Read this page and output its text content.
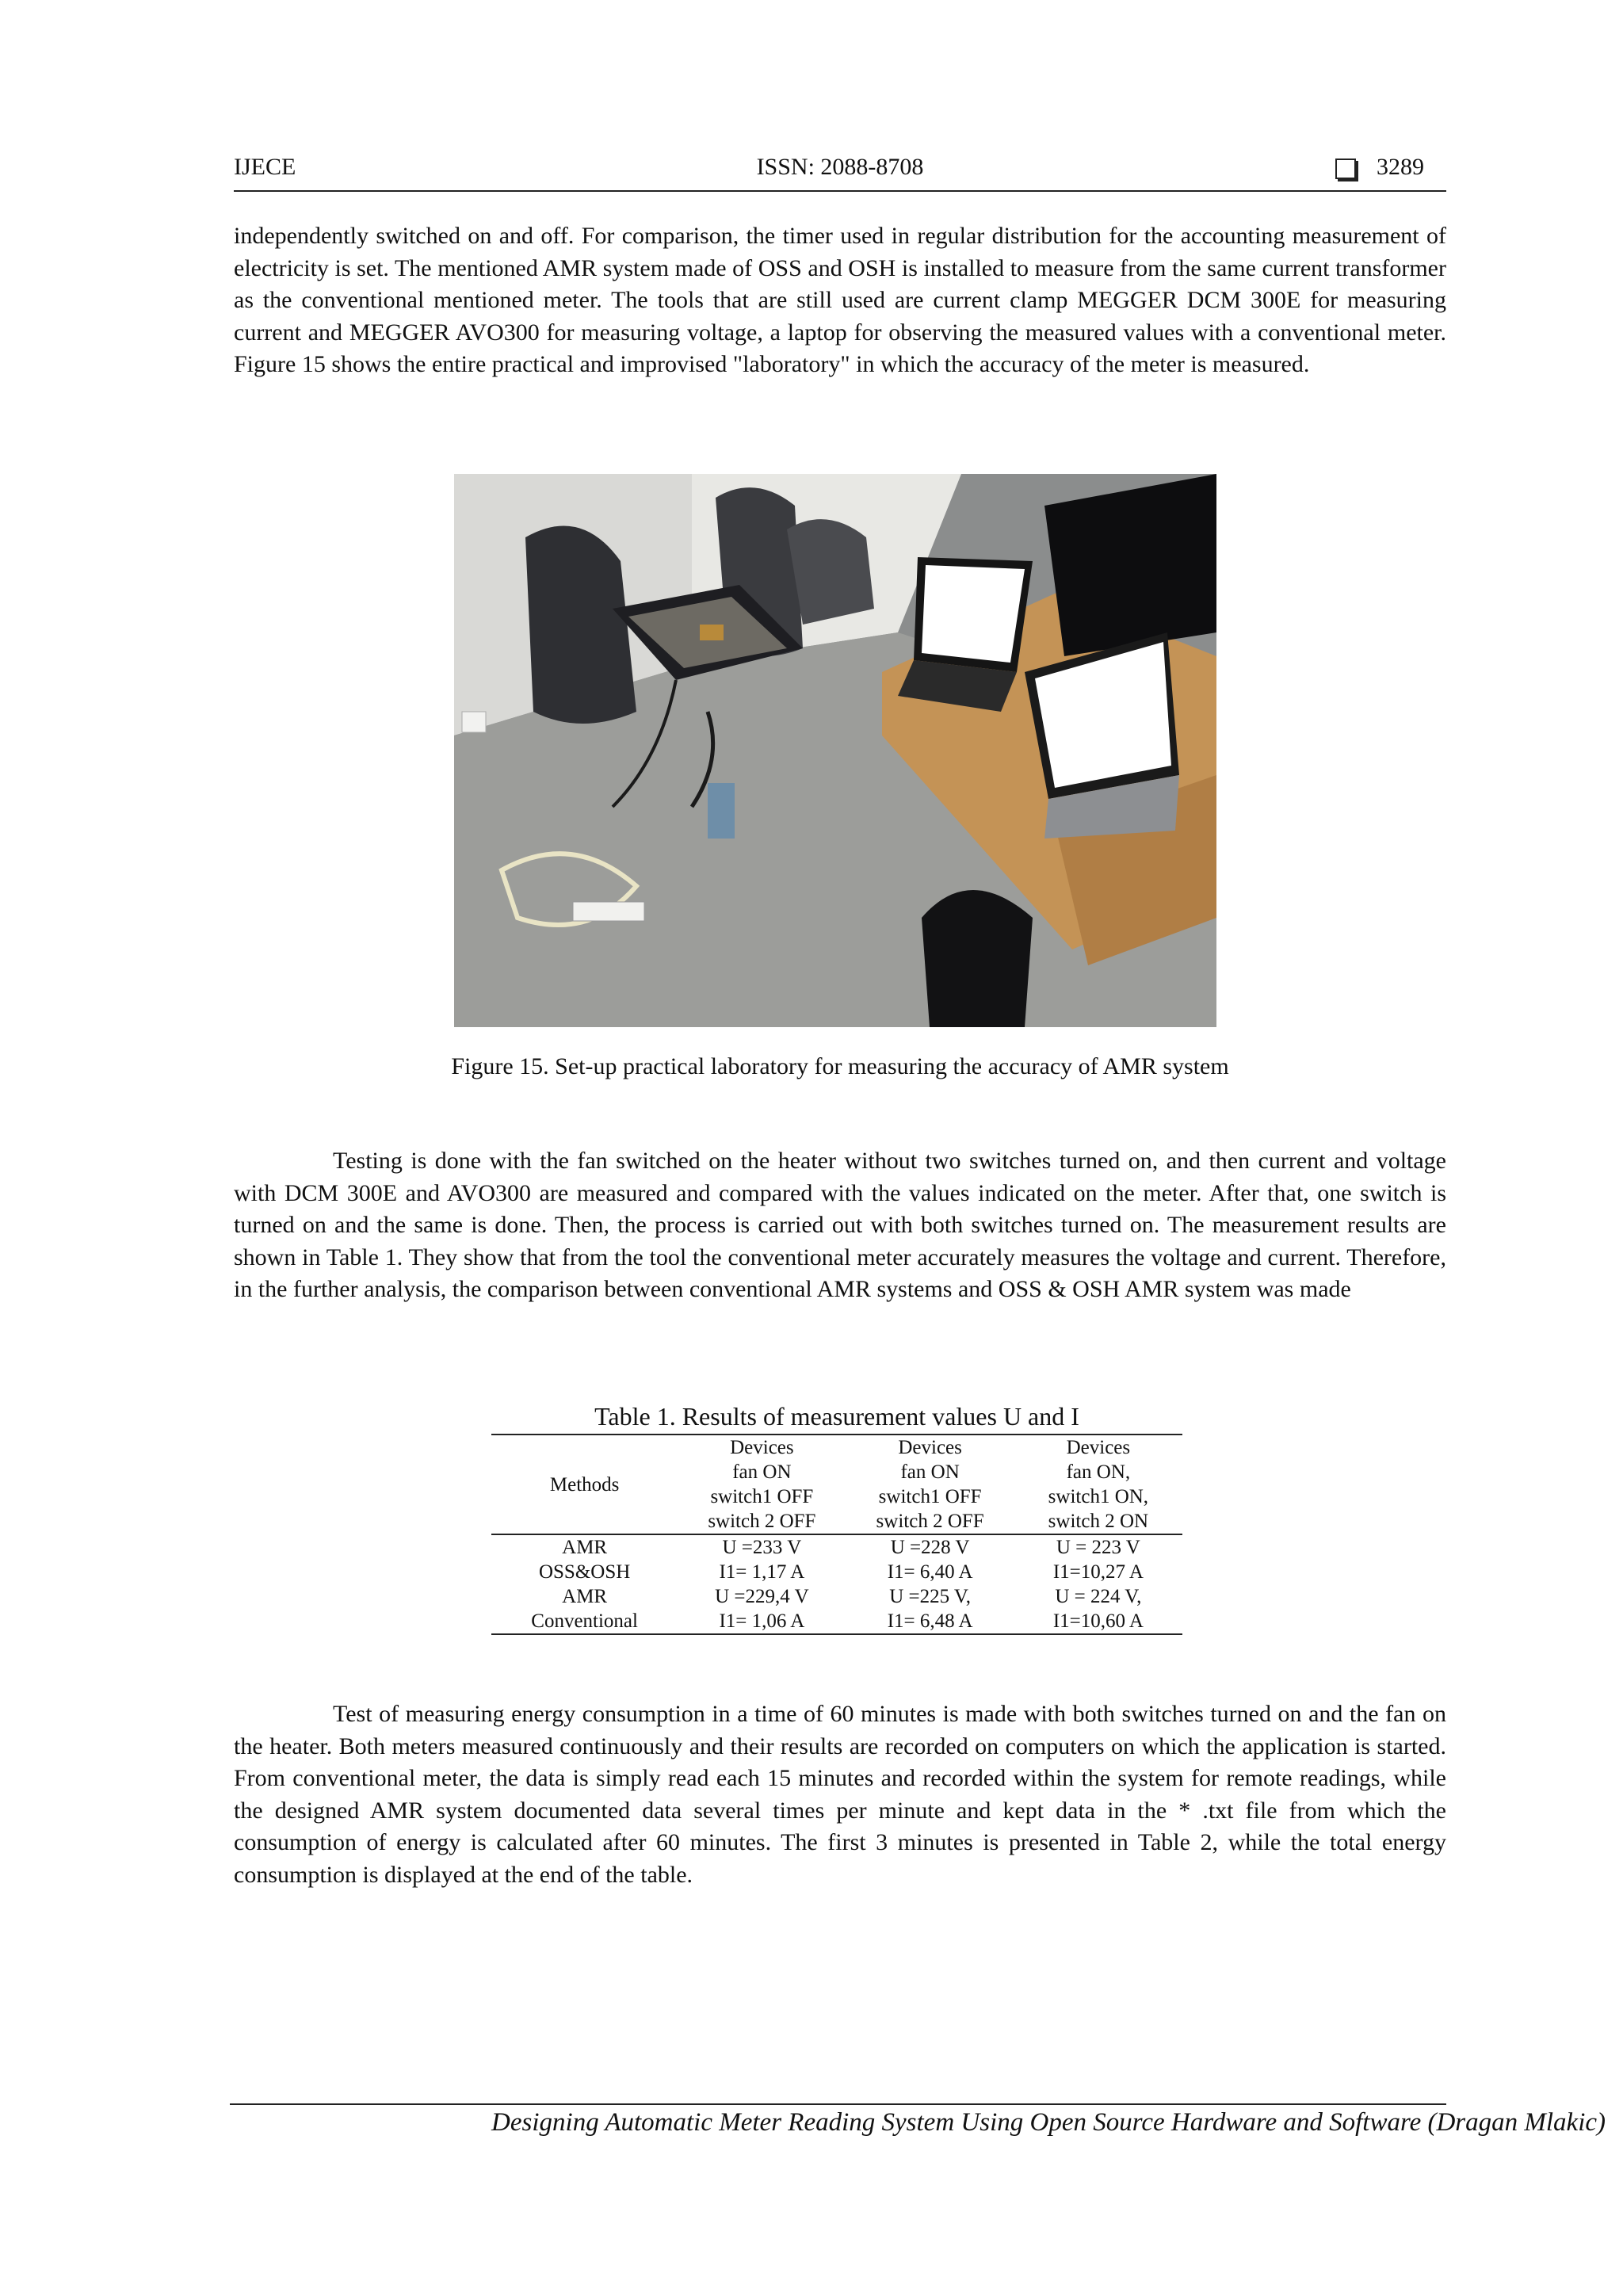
IJECE	ISSN: 2088-8708	3289

independently switched on and off. For comparison, the timer used in regular distribution for the accounting measurement of electricity is set. The mentioned AMR system made of OSS and OSH is installed to measure from the same current transformer as the conventional mentioned meter. The tools that are still used are current clamp MEGGER DCM 300E for measuring current and MEGGER AVO300 for measuring voltage, a laptop for observing the measured values with a conventional meter. Figure 15 shows the entire practical and improvised "laboratory" in which the accuracy of the meter is measured.

Figure 15. Set-up practical laboratory for measuring the accuracy of AMR system

Testing is done with the fan switched on the heater without two switches turned on, and then current and voltage with DCM 300E and AVO300 are measured and compared with the values indicated on the meter. After that, one switch is turned on and the same is done. Then, the process is carried out with both switches turned on. The measurement results are shown in Table 1. They show that from the tool the conventional meter accurately measures the voltage and current. Therefore, in the further analysis, the comparison between conventional AMR systems and OSS & OSH AMR system was made

Table 1. Results of measurement values U and I
Methods	Devices	Devices	Devices
	fan ON	fan ON	fan ON,
	switch1 OFF	switch1 OFF	switch1 ON,
	switch 2 OFF	switch 2 OFF	switch 2 ON
AMR	U =233 V	U =228 V	U = 223 V
OSS&OSH	I1= 1,17 A	I1= 6,40 A	I1=10,27 A
AMR	U =229,4 V	U =225 V,	U = 224 V,
Conventional	I1= 1,06 A	I1= 6,48 A	I1=10,60 A

Test of measuring energy consumption in a time of 60 minutes is made with both switches turned on and the fan on the heater. Both meters measured continuously and their results are recorded on computers on which the application is started. From conventional meter, the data is simply read each 15 minutes and recorded within the system for remote readings, while the designed AMR system documented data several times per minute and kept data in the * .txt file from which the consumption of energy is calculated after 60 minutes. The first 3 minutes is presented in Table 2, while the total energy consumption is displayed at the end of the table.

Designing Automatic Meter Reading System Using Open Source Hardware and Software (Dragan Mlakic)
